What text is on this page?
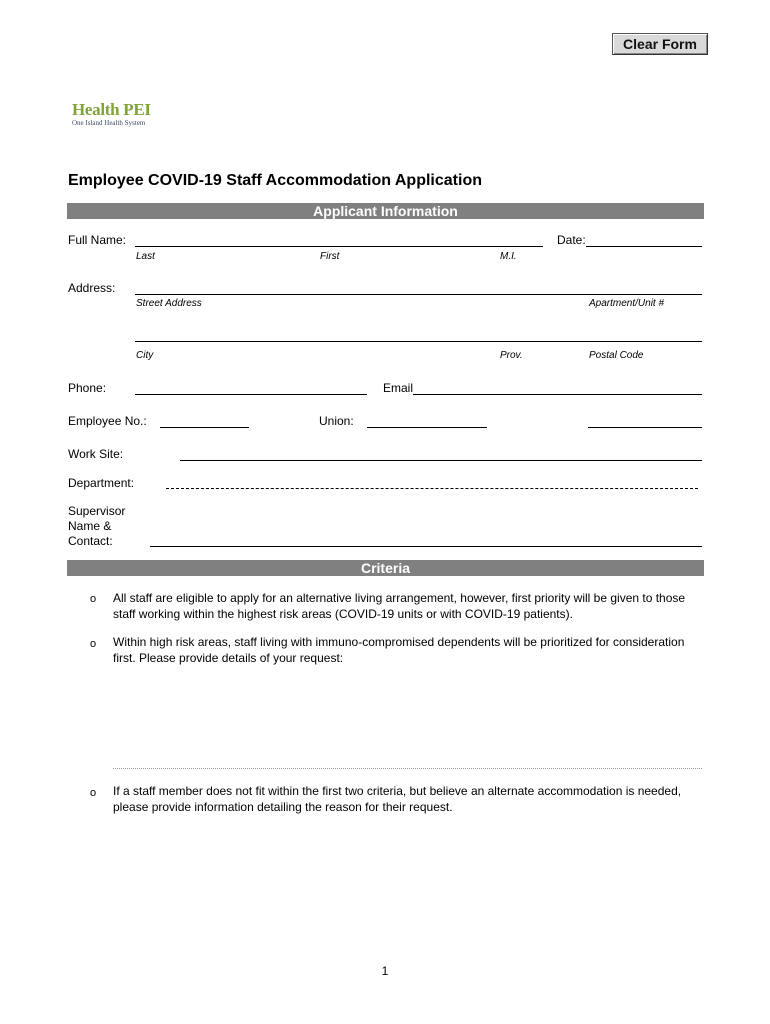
Clear Form
Health PEI
One Island Health System
Employee COVID-19 Staff Accommodation Application
Applicant Information
Full Name:	Date:
Last	First	M.I.
Address:
Street Address	Apartment/Unit #
City	Prov.	Postal Code
Phone:	Email
Employee No.:	Union:
Work Site:
Department:
Supervisor
Name &
Contact:
Criteria
o All staff are eligible to apply for an alternative living arrangement, however, first priority will be given to those staff working within the highest risk areas (COVID-19 units or with COVID-19 patients).
o Within high risk areas, staff living with immuno-compromised dependents will be prioritized for consideration first. Please provide details of your request:
o If a staff member does not fit within the first two criteria, but believe an alternate accommodation is needed, please provide information detailing the reason for their request.
1
